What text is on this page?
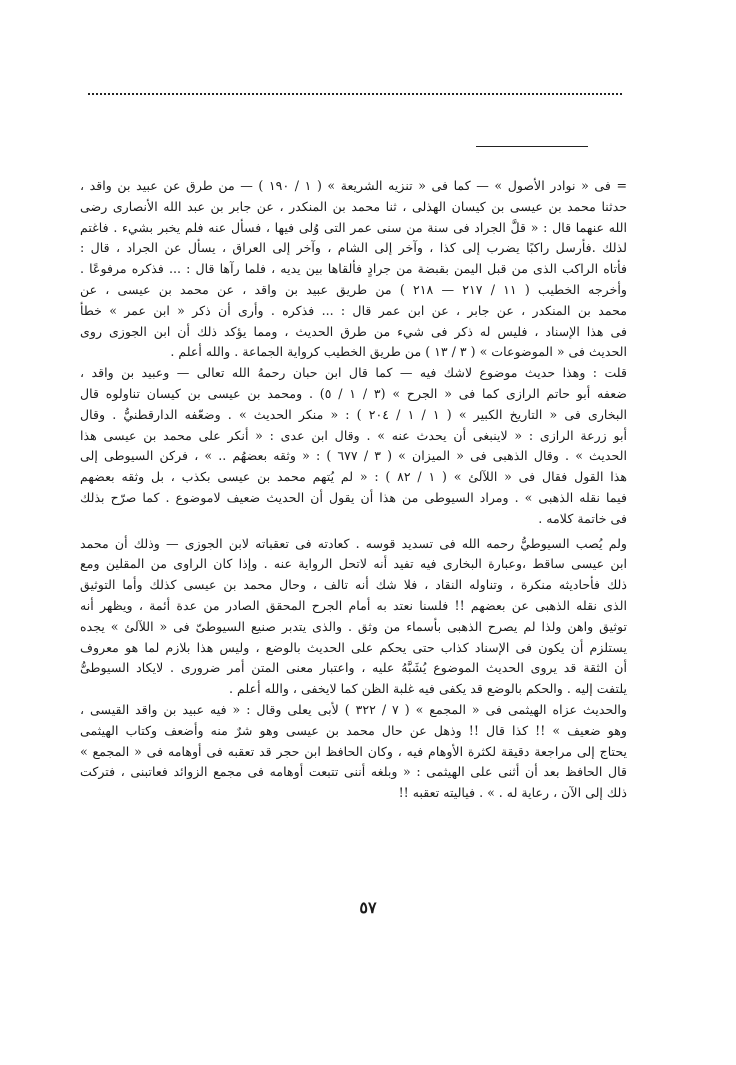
= فى « نوادر الأصول » — كما فى « تنزيه الشريعة » ( ١ / ١٩٠ ) — من طرق عن عبيد بن واقد ،
حدثنا محمد بن عيسى بن كيسان الهذلى ، ثنا محمد بن المنكدر ، عن جابر بن عبد الله الأنصارى رضى
الله عنهما قال : « قلَّ الجراد فى سنة من سنى عمر التى وُلى فيها ، فسأل عنه فلم يخبر بشيء . فاغتم
لذلك .فأرسل راكبًا يضرب إلى كذا ، وآخر إلى الشام ، وآخر إلى العراق ، يسأل عن الجراد ، قال :
فأتاه الراكب الذى من قبل اليمن بقبضة من جرادٍ فألقاها بين يديه ، فلما رآها قال : ... فذكره مرفوعًا .
وأخرجه الخطيب ( ١١ / ٢١٧ — ٢١٨ ) من طريق عبيد بن واقد ، عن محمد بن عيسى ، عن
محمد بن المنكدر ، عن جابر ، عن ابن عمر قال : ... فذكره . وأرى أن ذكر « ابن عمر » خطأ
فى هذا الإسناد ، فليس له ذكر فى شيء من طرق الحديث ، ومما يؤكد ذلك أن ابن الجوزى روى
الحديث فى « الموضوعات » ( ٣ / ١٣ ) من طريق الخطيب كرواية الجماعة . والله أعلم .
قلت : وهذا حديث موضوع لاشك فيه — كما قال ابن حبان رحمهُ الله تعالى — وعبيد بن واقد ،
ضعفه أبو حاتم الرازى كما فى « الجرح » (٣ / ١ / ٥) . ومحمد بن عيسى بن كيسان تناولوه قال
البخارى فى « التاريخ الكبير » ( ١ / ١ / ٢٠٤ ) : « منكر الحديث » . وضعّفه الدارقطنيُّ . وقال
أبو زرعة الرازى : « لاينبغى أن يحدث عنه » . وقال ابن عدى : « أنكر على محمد بن عيسى هذا
الحديث » . وقال الذهبى فى « الميزان » ( ٣ / ٦٧٧ ) : « وثقه بعضهُم .. » ، فركن السيوطى إلى
هذا القول فقال فى « اللآلئ » ( ١ / ٨٢ ) : « لم يُتهم محمد بن عيسى بكذب ، بل وثقه بعضهم
فيما نقله الذهبى » . ومراد السيوطى من هذا أن يقول أن الحديث ضعيف لاموضوع . كما صرّح بذلك
فى خاتمة كلامه .
ولم يُصب السيوطيُّ رحمه الله فى تسديد قوسه . كعادته فى تعقباته لابن الجوزى — وذلك أن محمد
ابن عيسى ساقط ،وعبارة البخارى فيه تفيد أنه لاتحل الرواية عنه . وإذا كان الراوى من المقلين ومع
ذلك فأحاديثه منكرة ، وتناوله النقاد ، فلا شك أنه تالف ، وحال محمد بن عيسى كذلك وأما التوثيق
الذى نقله الذهبى عن بعضهم !! فلسنا نعتد به أمام الجرح المحقق الصادر من عدة أئمة ، ويظهر أنه
توثيق واهن ولذا لم يصرح الذهبى بأسماء من وثق . والذى يتدبر صنيع السيوطىّ فى « اللآلئ » يجده
يستلزم أن يكون فى الإسناد كذاب حتى يحكم على الحديث بالوضع ، وليس هذا بلازم لما هو معروف
أن الثقة قد يروى الحديث الموضوع يُشَبَّهُ عليه ، واعتبار معنى المتن أمر ضرورى . لايكاد السيوطىُّ
يلتفت إليه . والحكم بالوضع قد يكفى فيه غلبة الظن كما لايخفى ، والله أعلم .
والحديث عزاه الهيثمى فى « المجمع » ( ٧ / ٣٢٢ ) لأبى يعلى وقال : « فيه عبيد بن واقد القيسى ،
وهو ضعيف » !! كذا قال !! وذهل عن حال محمد بن عيسى وهو شرٌ منه وأضعف وكتاب الهيثمى
يحتاج إلى مراجعة دقيقة لكثرة الأوهام فيه ، وكان الحافظ ابن حجر قد تعقبه فى أوهامه فى « المجمع »
قال الحافظ بعد أن أثنى على الهيثمى : « وبلغه أننى تتبعت أوهامه فى مجمع الزوائد فعاتبنى ، فتركت
ذلك إلى الآن ، رعاية له . » . فياليته تعقبه !!
٥٧
